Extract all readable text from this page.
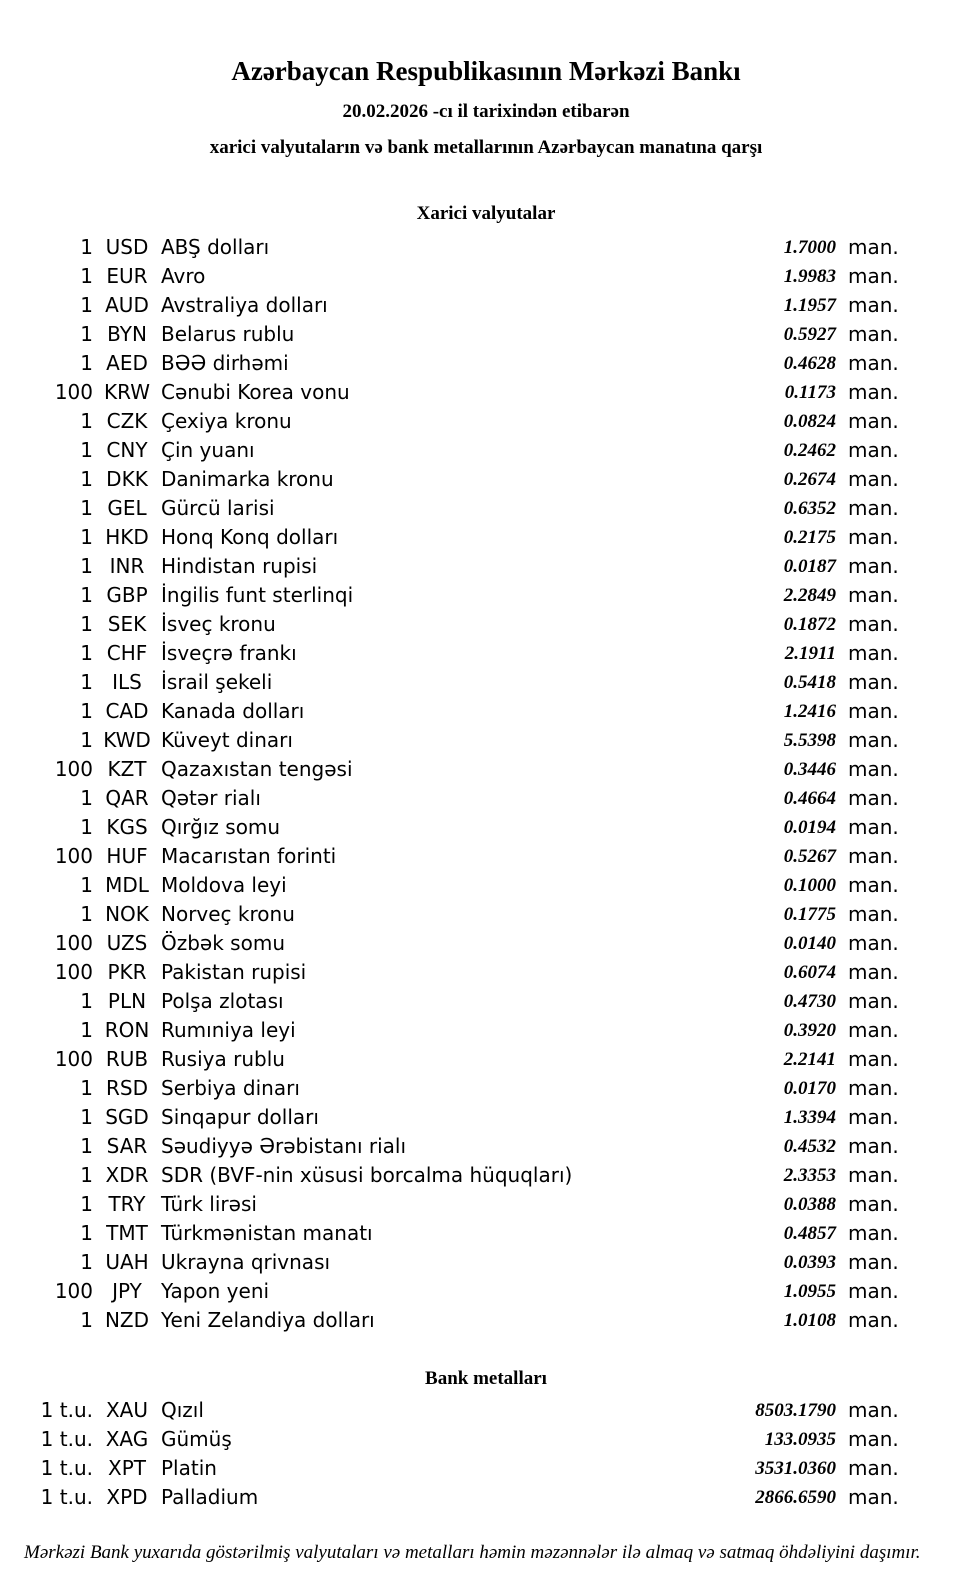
Azərbaycan Respublikasının Mərkəzi Bankı
20.02.2026 -cı il tarixindən etibarən
xarici valyutaların və bank metallarının Azərbaycan manatına qarşı
Xarici valyutalar
1 USD ABŞ dolları	1.7000 man.
1 EUR Avro	1.9983 man.
1 AUD Avstraliya dolları	1.1957 man.
1 BYN Belarus rublu	0.5927 man.
1 AED BƏƏ dirhəmi	0.4628 man.
100 KRW Cənubi Korea vonu	0.1173 man.
1 CZK Çexiya kronu	0.0824 man.
1 CNY Çin yuanı	0.2462 man.
1 DKK Danimarka kronu	0.2674 man.
1 GEL Gürcü larisi	0.6352 man.
1 HKD Honq Konq dolları	0.2175 man.
1 INR Hindistan rupisi	0.0187 man.
1 GBP İngilis funt sterlinqi	2.2849 man.
1 SEK İsveç kronu	0.1872 man.
1 CHF İsveçrə frankı	2.1911 man.
1 ILS İsrail şekeli	0.5418 man.
1 CAD Kanada dolları	1.2416 man.
1 KWD Küveyt dinarı	5.5398 man.
100 KZT Qazaxıstan tengəsi	0.3446 man.
1 QAR Qətər rialı	0.4664 man.
1 KGS Qırğız somu	0.0194 man.
100 HUF Macarıstan forinti	0.5267 man.
1 MDL Moldova leyi	0.1000 man.
1 NOK Norveç kronu	0.1775 man.
100 UZS Özbək somu	0.0140 man.
100 PKR Pakistan rupisi	0.6074 man.
1 PLN Polşa zlotası	0.4730 man.
1 RON Rumıniya leyi	0.3920 man.
100 RUB Rusiya rublu	2.2141 man.
1 RSD Serbiya dinarı	0.0170 man.
1 SGD Sinqapur dolları	1.3394 man.
1 SAR Səudiyyə Ərəbistanı rialı	0.4532 man.
1 XDR SDR (BVF-nin xüsusi borcalma hüquqları)	2.3353 man.
1 TRY Türk lirəsi	0.0388 man.
1 TMT Türkmənistan manatı	0.4857 man.
1 UAH Ukrayna qrivnası	0.0393 man.
100 JPY Yapon yeni	1.0955 man.
1 NZD Yeni Zelandiya dolları	1.0108 man.
Bank metalları
1 t.u. XAU Qızıl	8503.1790 man.
1 t.u. XAG Gümüş	133.0935 man.
1 t.u. XPT Platin	3531.0360 man.
1 t.u. XPD Palladium	2866.6590 man.
Mərkəzi Bank yuxarıda göstərilmiş valyutaları və metalları həmin məzənnələr ilə almaq və satmaq öhdəliyini daşımır.
